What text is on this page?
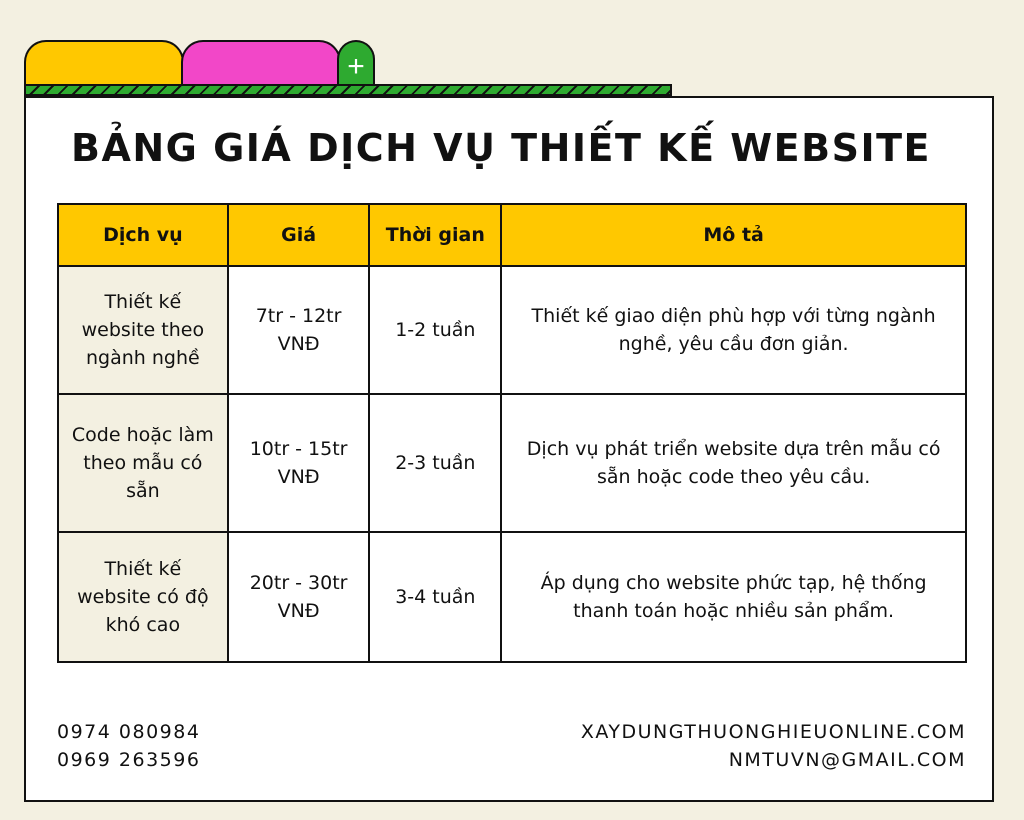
+
BẢNG GIÁ DỊCH VỤ THIẾT KẾ WEBSITE
Dịch vụ	Giá	Thời gian	Mô tả
Thiết kế website theo ngành nghề	7tr - 12tr VNĐ	1-2 tuần	Thiết kế giao diện phù hợp với từng ngành nghề, yêu cầu đơn giản.
Code hoặc làm theo mẫu có sẵn	10tr - 15tr VNĐ	2-3 tuần	Dịch vụ phát triển website dựa trên mẫu có sẵn hoặc code theo yêu cầu.
Thiết kế website có độ khó cao	20tr - 30tr VNĐ	3-4 tuần	Áp dụng cho website phức tạp, hệ thống thanh toán hoặc nhiều sản phẩm.
0974 080984
0969 263596
XAYDUNGTHUONGHIEUONLINE.COM
NMTUVN@GMAIL.COM
